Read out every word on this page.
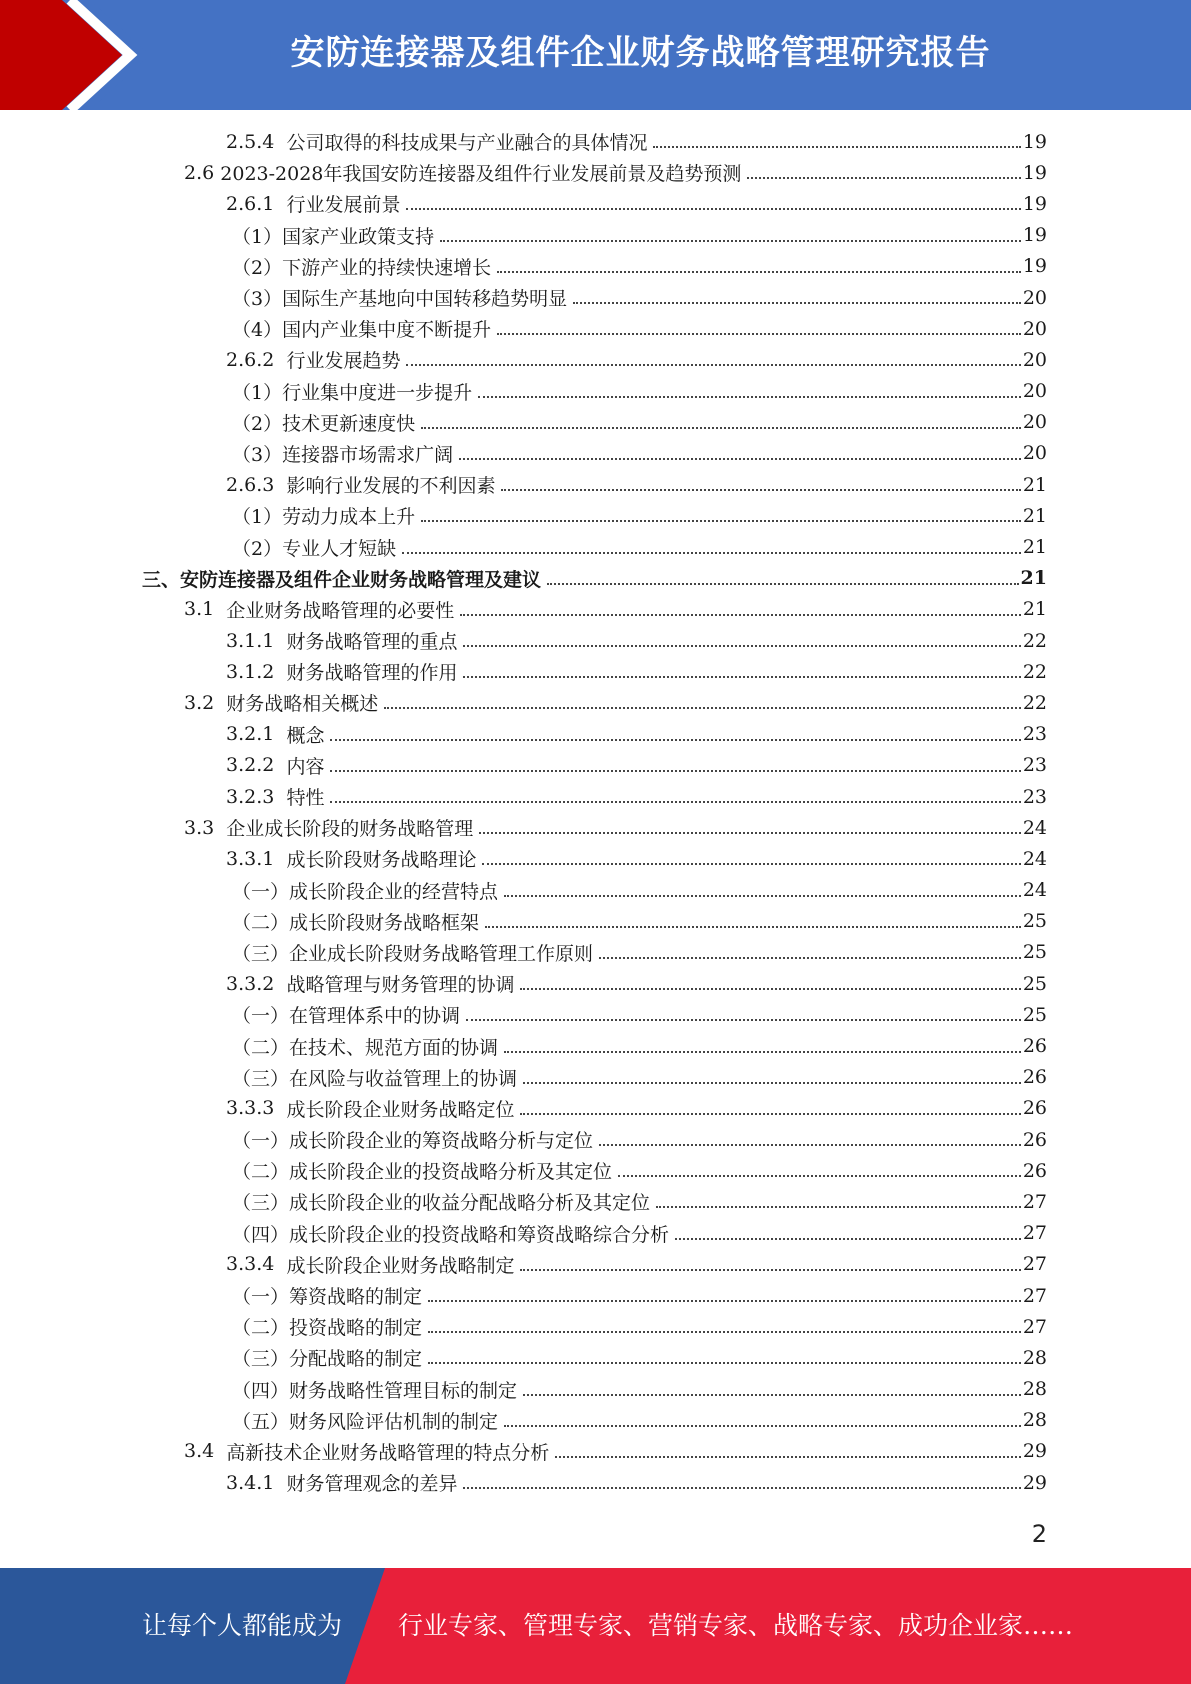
安防连接器及组件企业财务战略管理研究报告
2.5.4 公司取得的科技成果与产业融合的具体情况	19
2.6 2023-2028年我国安防连接器及组件行业发展前景及趋势预测	19
2.6.1 行业发展前景	19
（1）国家产业政策支持	19
（2）下游产业的持续快速增长	19
（3）国际生产基地向中国转移趋势明显	20
（4）国内产业集中度不断提升	20
2.6.2 行业发展趋势	20
（1）行业集中度进一步提升	20
（2）技术更新速度快	20
（3）连接器市场需求广阔	20
2.6.3 影响行业发展的不利因素	21
（1）劳动力成本上升	21
（2）专业人才短缺	21
三、安防连接器及组件企业财务战略管理及建议	21
3.1 企业财务战略管理的必要性	21
3.1.1 财务战略管理的重点	22
3.1.2 财务战略管理的作用	22
3.2 财务战略相关概述	22
3.2.1 概念	23
3.2.2 内容	23
3.2.3 特性	23
3.3 企业成长阶段的财务战略管理	24
3.3.1 成长阶段财务战略理论	24
（一）成长阶段企业的经营特点	24
（二）成长阶段财务战略框架	25
（三）企业成长阶段财务战略管理工作原则	25
3.3.2 战略管理与财务管理的协调	25
（一）在管理体系中的协调	25
（二）在技术、规范方面的协调	26
（三）在风险与收益管理上的协调	26
3.3.3 成长阶段企业财务战略定位	26
（一）成长阶段企业的筹资战略分析与定位	26
（二）成长阶段企业的投资战略分析及其定位	26
（三）成长阶段企业的收益分配战略分析及其定位	27
（四）成长阶段企业的投资战略和筹资战略综合分析	27
3.3.4 成长阶段企业财务战略制定	27
（一）筹资战略的制定	27
（二）投资战略的制定	27
（三）分配战略的制定	28
（四）财务战略性管理目标的制定	28
（五）财务风险评估机制的制定	28
3.4 高新技术企业财务战略管理的特点分析	29
3.4.1 财务管理观念的差异	29
2
让每个人都能成为 行业专家、管理专家、营销专家、战略专家、成功企业家……
